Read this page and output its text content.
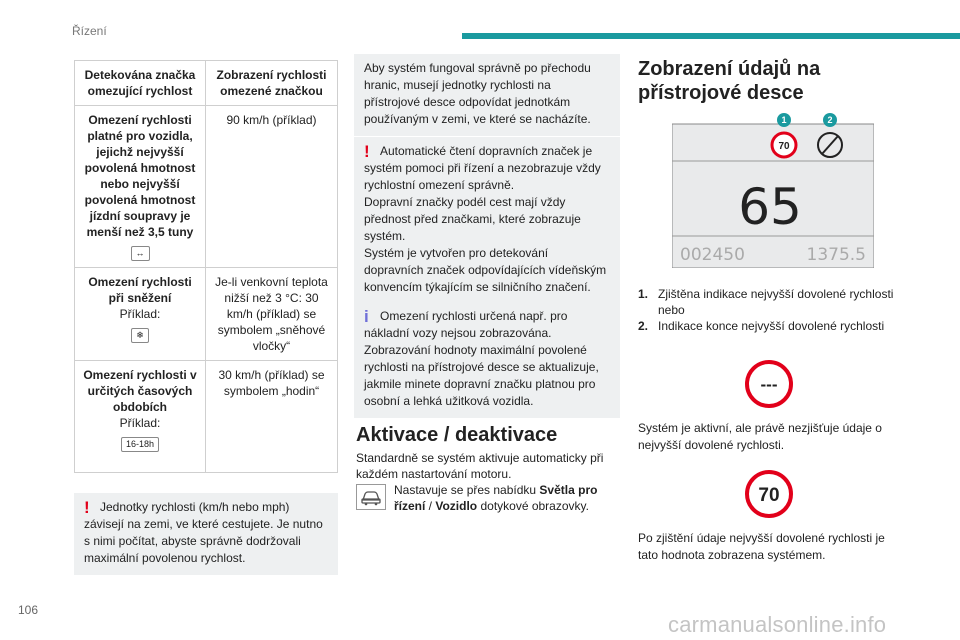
Řízení
Detekována značka omezující rychlost	Zobrazení rychlosti omezené značkou

Omezení rychlosti platné pro vozidla, jejichž nejvyšší povolená hmotnost nebo nejvyšší povolená hmotnost jízdní soupravy je menší než 3,5 tuny
↔	90 km/h (příklad)

Omezení rychlosti při sněžení
Příklad:
❄	Je-li venkovní teplota nižší než 3 °C: 30 km/h (příklad) se symbolem „sněhové vločky“

Omezení rychlosti v určitých časových obdobích
Příklad:
16-18h	30 km/h (příklad) se symbolem „hodin“
! Jednotky rychlosti (km/h nebo mph) závisejí na zemi, ve které cestujete. Je nutno s nimi počítat, abyste správně dodržovali maximální povolenou rychlost.
Aby systém fungoval správně po přechodu hranic, musejí jednotky rychlosti na přístrojové desce odpovídat jednotkám používaným v zemi, ve které se nacházíte.
! Automatické čtení dopravních značek je systém pomoci při řízení a nezobrazuje vždy rychlostní omezení správně.
Dopravní značky podél cest mají vždy přednost před značkami, které zobrazuje systém.
Systém je vytvořen pro detekování dopravních značek odpovídajících vídeňským konvencím týkajícím se silničního značení.
i Omezení rychlosti určená např. pro nákladní vozy nejsou zobrazována.
Zobrazování hodnoty maximální povolené rychlosti na přístrojové desce se aktualizuje, jakmile minete dopravní značku platnou pro osobní a lehká užitková vozidla.
Aktivace / deaktivace
Standardně se systém aktivuje automaticky při každém nastartování motoru.
Nastavuje se přes nabídku Světla pro řízení / Vozidlo dotykové obrazovky.
Zobrazení údajů na přístrojové desce
1	2
70
65
002450	1375.5
1. Zjištěna indikace nejvyšší dovolené rychlosti nebo
2. Indikace konce nejvyšší dovolené rychlosti
---
Systém je aktivní, ale právě nezjišťuje údaje o nejvyšší dovolené rychlosti.
70
Po zjištění údaje nejvyšší dovolené rychlosti je tato hodnota zobrazena systémem.
106
carmanualsonline.info
